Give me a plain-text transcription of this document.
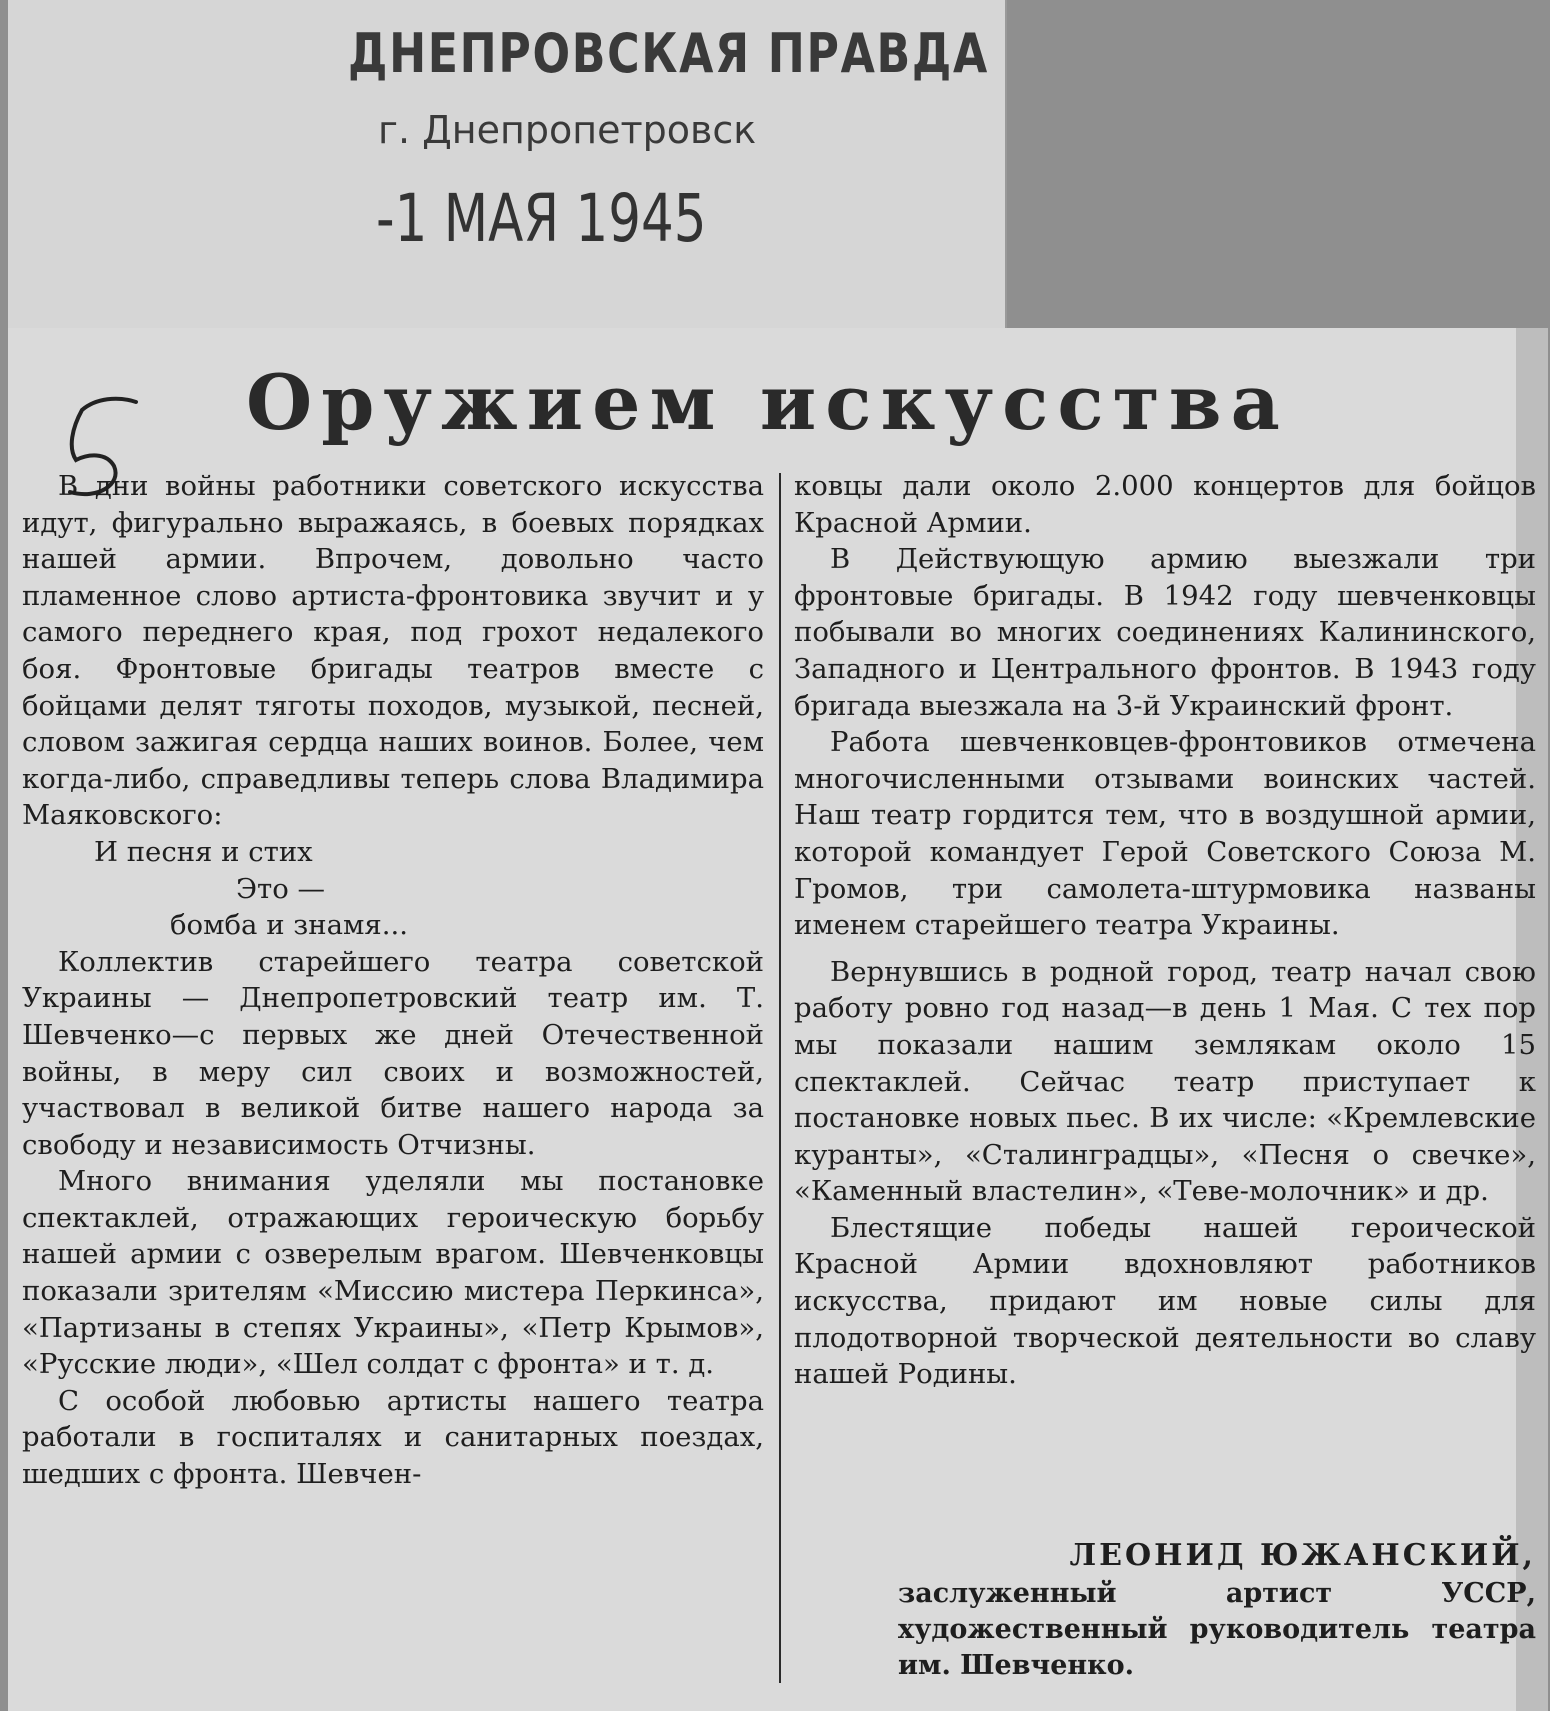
ДНЕПРОВСКАЯ ПРАВДА
г. Днепропетровск
-1 МАЯ 1945
Оружием искусства

В дни войны работники советского искусства идут, фигурально выражаясь, в боевых порядках нашей армии. Впрочем, довольно часто пламенное слово артиста-фронтовика звучит и у самого переднего края, под грохот недалекого боя. Фронтовые бригады театров вместе с бойцами делят тяготы походов, музыкой, песней, словом зажигая сердца наших воинов. Более, чем когда-либо, справедливы теперь слова Владимира Маяковского:

И песня и стих
Это —
бомба и знамя...

Коллектив старейшего театра советской Украины — Днепропетровский театр им. Т. Шевченко—с первых же дней Отечественной войны, в меру сил своих и возможностей, участвовал в великой битве нашего народа за свободу и независимость Отчизны.

Много внимания уделяли мы постановке спектаклей, отражающих героическую борьбу нашей армии с озверелым врагом. Шевченковцы показали зрителям «Миссию мистера Перкинса», «Партизаны в степях Украины», «Петр Крымов», «Русские люди», «Шел солдат с фронта» и т. д.

С особой любовью артисты нашего театра работали в госпиталях и санитарных поездах, шедших с фронта. Шевчен-

ковцы дали около 2.000 концертов для бойцов Красной Армии.

В Действующую армию выезжали три фронтовые бригады. В 1942 году шевченковцы побывали во многих соединениях Калининского, Западного и Центрального фронтов. В 1943 году бригада выезжала на 3-й Украинский фронт.

Работа шевченковцев-фронтовиков отмечена многочисленными отзывами воинских частей. Наш театр гордится тем, что в воздушной армии, которой командует Герой Советского Союза М. Громов, три самолета-штурмовика названы именем старейшего театра Украины.

Вернувшись в родной город, театр начал свою работу ровно год назад—в день 1 Мая. С тех пор мы показали нашим землякам около 15 спектаклей. Сейчас театр приступает к постановке новых пьес. В их числе: «Кремлевские куранты», «Сталинградцы», «Песня о свечке», «Каменный властелин», «Теве-молочник» и др.

Блестящие победы нашей героической Красной Армии вдохновляют работников искусства, придают им новые силы для плодотворной творческой деятельности во славу нашей Родины.

ЛЕОНИД ЮЖАНСКИЙ,

заслуженный артист УССР, художественный руководитель театра им. Шевченко.
